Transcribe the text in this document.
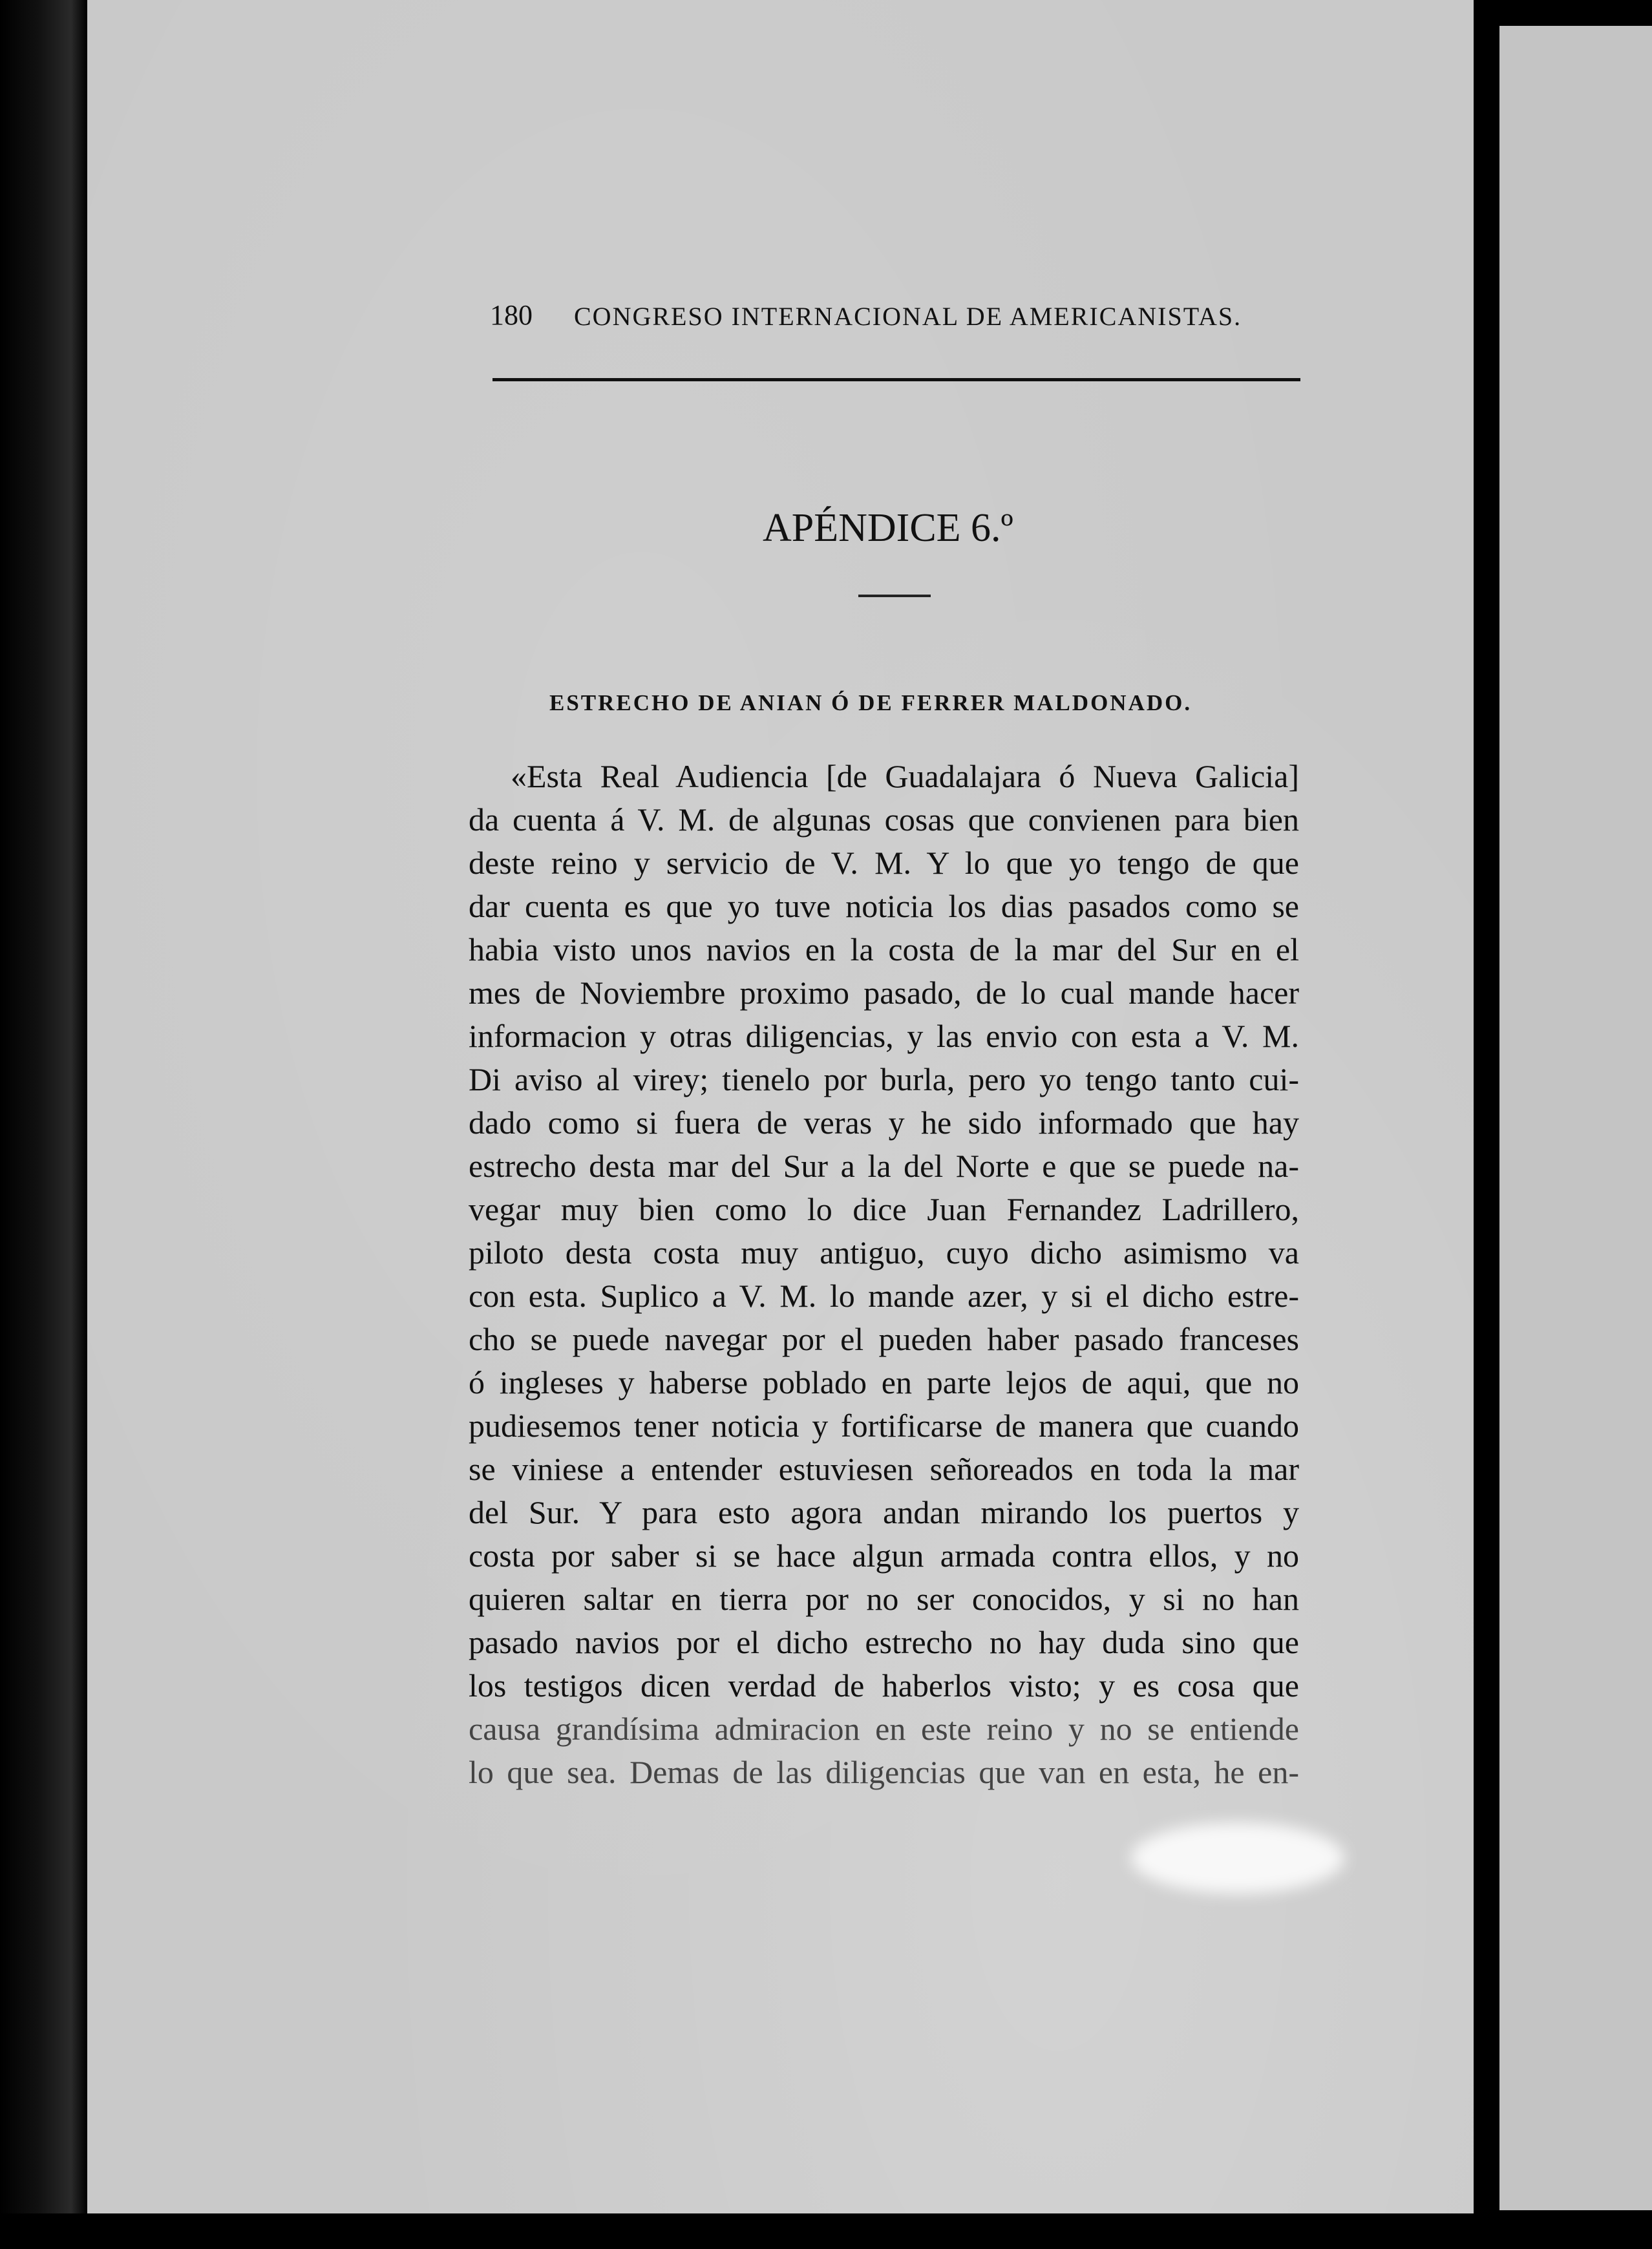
180 CONGRESO INTERNACIONAL DE AMERICANISTAS.
APÉNDICE 6.º
ESTRECHO DE ANIAN Ó DE FERRER MALDONADO.
«Esta Real Audiencia [de Guadalajara ó Nueva Galicia]
da cuenta á V. M. de algunas cosas que convienen para bien
deste reino y servicio de V. M. Y lo que yo tengo de que
dar cuenta es que yo tuve noticia los dias pasados como se
habia visto unos navios en la costa de la mar del Sur en el
mes de Noviembre proximo pasado, de lo cual mande hacer
informacion y otras diligencias, y las envio con esta a V. M.
Di aviso al virey; tienelo por burla, pero yo tengo tanto cui-
dado como si fuera de veras y he sido informado que hay
estrecho desta mar del Sur a la del Norte e que se puede na-
vegar muy bien como lo dice Juan Fernandez Ladrillero,
piloto desta costa muy antiguo, cuyo dicho asimismo va
con esta. Suplico a V. M. lo mande azer, y si el dicho estre-
cho se puede navegar por el pueden haber pasado franceses
ó ingleses y haberse poblado en parte lejos de aqui, que no
pudiesemos tener noticia y fortificarse de manera que cuando
se viniese a entender estuviesen señoreados en toda la mar
del Sur. Y para esto agora andan mirando los puertos y
costa por saber si se hace algun armada contra ellos, y no
quieren saltar en tierra por no ser conocidos, y si no han
pasado navios por el dicho estrecho no hay duda sino que
los testigos dicen verdad de haberlos visto; y es cosa que
causa grandísima admiracion en este reino y no se entiende
lo que sea. Demas de las diligencias que van en esta, he en-
